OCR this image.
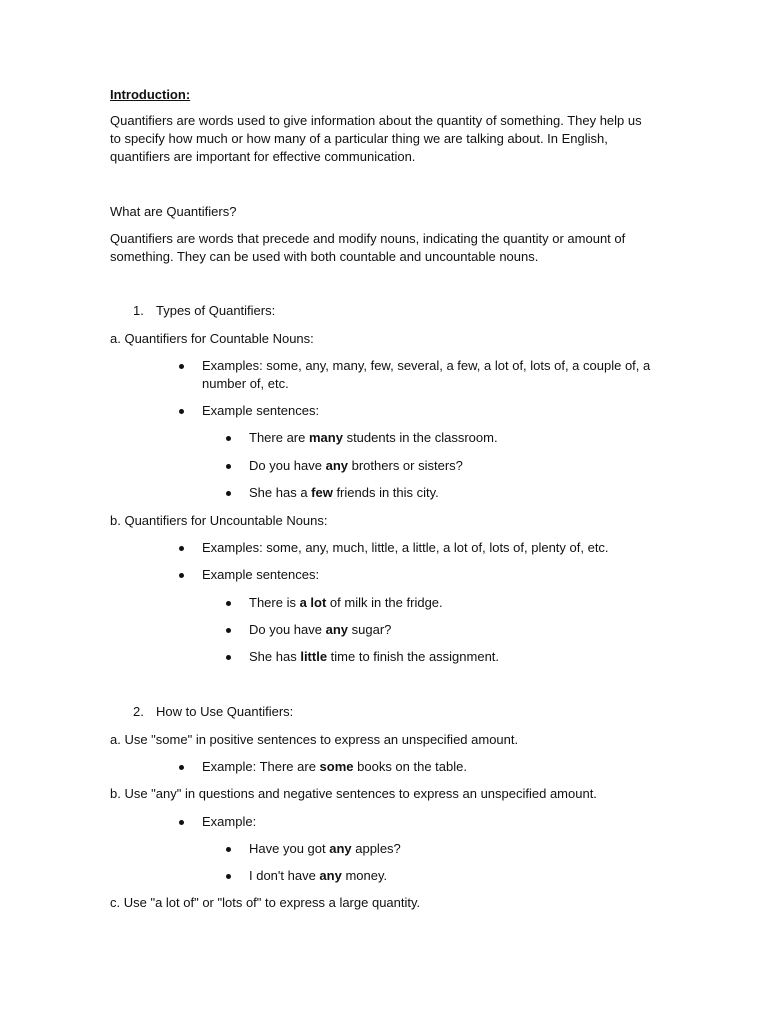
Introduction:
Quantifiers are words used to give information about the quantity of something. They help us to specify how much or how many of a particular thing we are talking about. In English, quantifiers are important for effective communication.
What are Quantifiers?
Quantifiers are words that precede and modify nouns, indicating the quantity or amount of something. They can be used with both countable and uncountable nouns.
1. Types of Quantifiers:
a. Quantifiers for Countable Nouns:
Examples: some, any, many, few, several, a few, a lot of, lots of, a couple of, a number of, etc.
Example sentences:
There are many students in the classroom.
Do you have any brothers or sisters?
She has a few friends in this city.
b. Quantifiers for Uncountable Nouns:
Examples: some, any, much, little, a little, a lot of, lots of, plenty of, etc.
Example sentences:
There is a lot of milk in the fridge.
Do you have any sugar?
She has little time to finish the assignment.
2. How to Use Quantifiers:
a. Use "some" in positive sentences to express an unspecified amount.
Example: There are some books on the table.
b. Use "any" in questions and negative sentences to express an unspecified amount.
Example:
Have you got any apples?
I don't have any money.
c. Use "a lot of" or "lots of" to express a large quantity.
